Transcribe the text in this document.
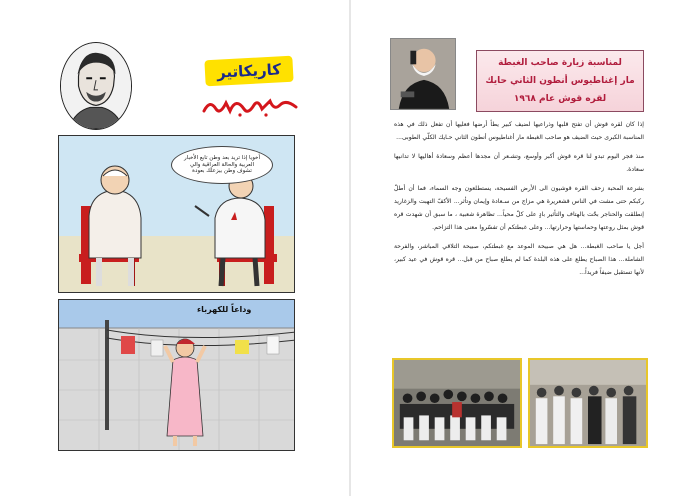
كاريكاتير
أخويا إذا تريد بعد وطن تابع الأخبار العربية والحالة العراقية والي تشوف وطن بيزعلك بعودة
وداعاً للكهرباء
لمناسبة زيارة صاحب الغبطة
مار إغناطيوس أنطون الثاني حايك
لقره قوش عام ١٩٦٨

إذا كان لقره قوش أن تفتح قلبها وذراعيها لضيف كبير يطأ أرضها فعليها أن تفعل ذلك في هذه المناسبة الكبرى حيث الضيف هو صاحب الغبطة مار أغناطيوس أنطون الثاني حـايك الكلّي الطوبى...

منذ فجر اليوم تبدو لنا قره قوش أكبر وأوسع، وتشـعر أن مجدها أعظم وسعادة أهاليها لا تدانيها سعادة.

بشرعة المحبة زحف القره قوشيون الى الأرض الفسيحة، يستطلعون وجه السماء، فما أن أطلّ ركبكم حتى مشت في الناس قشعريرة هي مزاج من سـعادة وإيمان وتأثر... الأكفّ التهبت والزغاريد إنطلقت والحناجر بحّت بالهتاف والتأثير بادٍ على كلّ محياً... تظاهرة شعبية ، ما سبق أن شهدت قره قوش بمثل روعتها وحماستها وحرارتها... وعلى غبطتكم أن تفسّروا معنى هذا التزاحم.

أجل يا صاحب الغبطة... هل هي صبيحة الموعد مع غبطتكم، صبيحة التلاقي المباشر، والفرحة الشاملة... هذا الصباح يطلع على هذه البلدة كما لم يطلع صباح من قبل... قره قوش في عيد كبير، لأنها تستقبل ضيفاً فريداً...
